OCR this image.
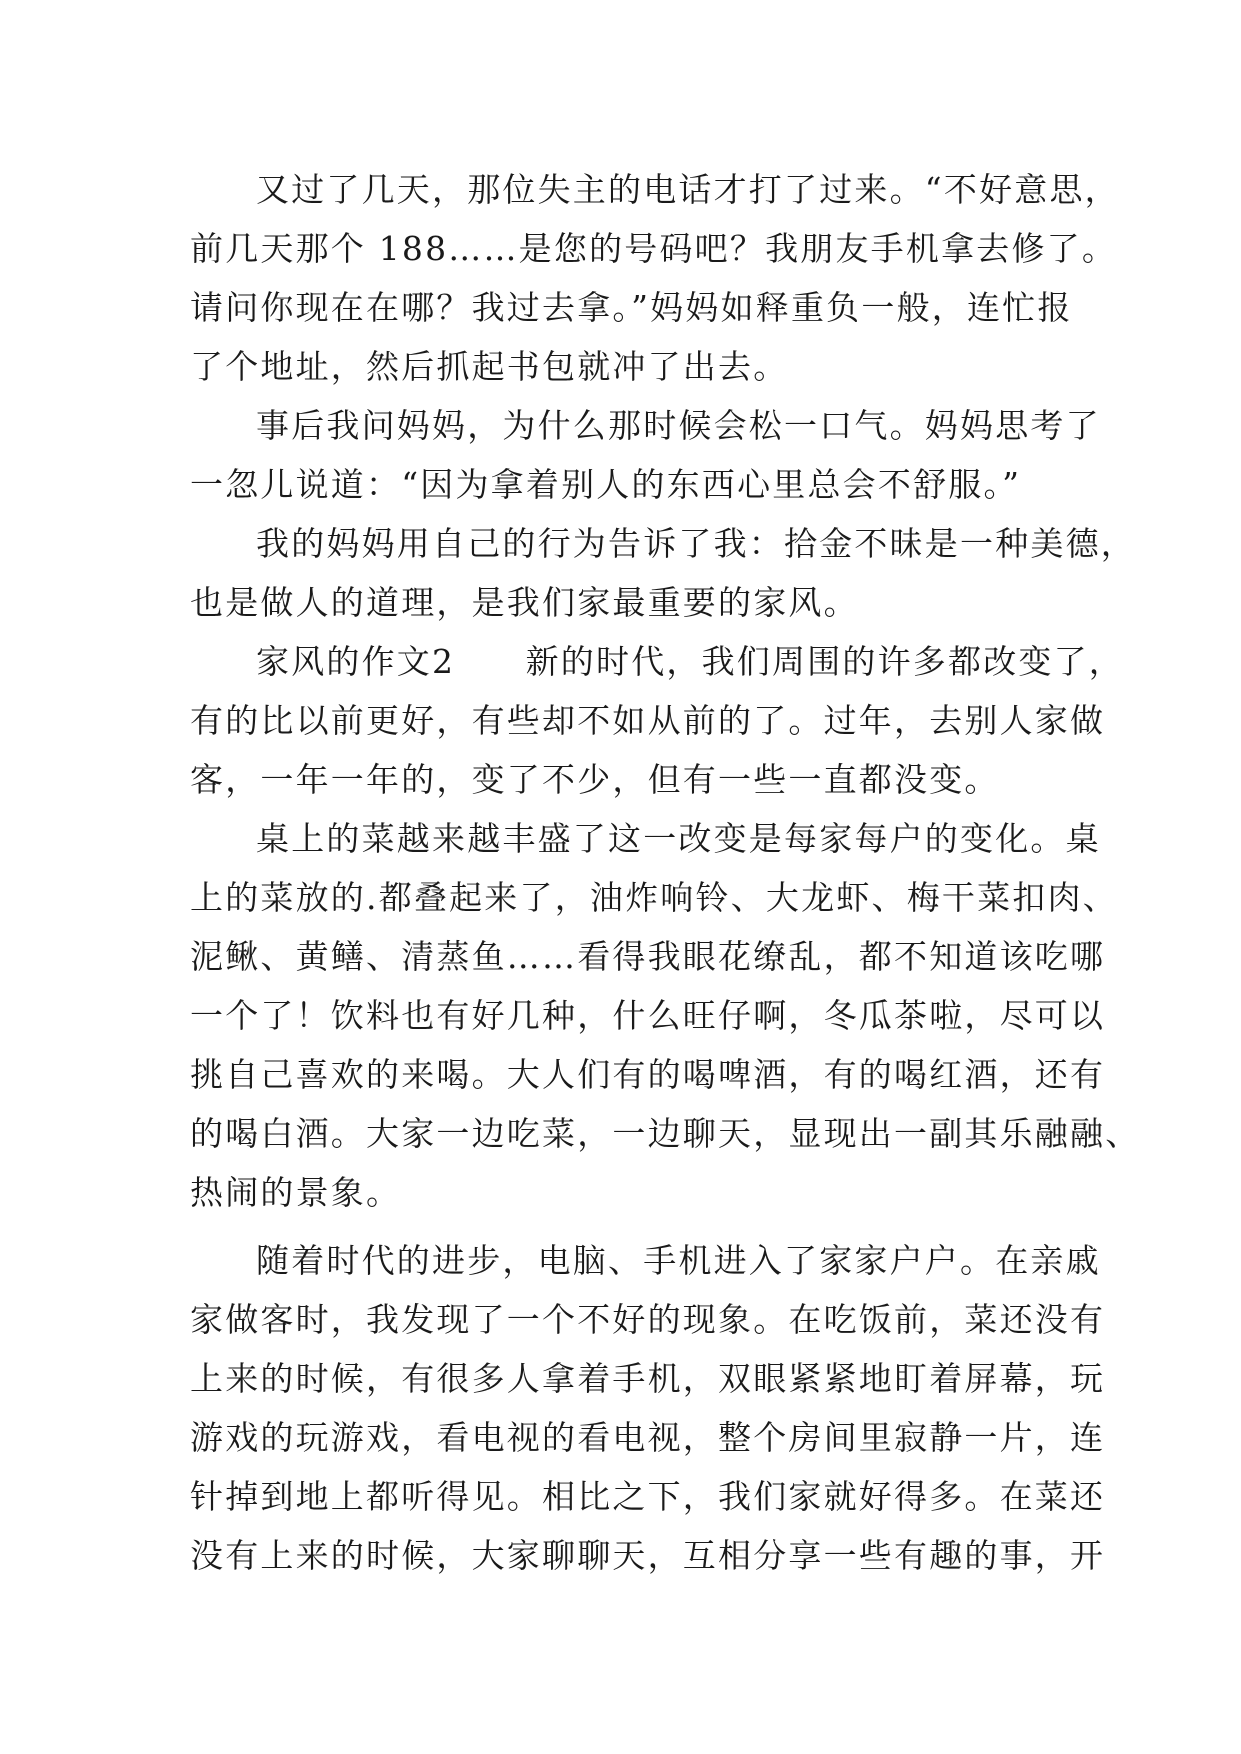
又过了几天，那位失主的电话才打了过来。“不好意思，
前几天那个 188……是您的号码吧？我朋友手机拿去修了。
请问你现在在哪？我过去拿。”妈妈如释重负一般，连忙报
了个地址，然后抓起书包就冲了出去。
事后我问妈妈，为什么那时候会松一口气。妈妈思考了
一忽儿说道：“因为拿着别人的东西心里总会不舒服。”
我的妈妈用自己的行为告诉了我：拾金不昧是一种美德，
也是做人的道理，是我们家最重要的家风。
家风的作文2　　新的时代，我们周围的许多都改变了，
有的比以前更好，有些却不如从前的了。过年，去别人家做
客，一年一年的，变了不少，但有一些一直都没变。
桌上的菜越来越丰盛了这一改变是每家每户的变化。桌
上的菜放的.都叠起来了，油炸响铃、大龙虾、梅干菜扣肉、
泥鳅、黄鳝、清蒸鱼……看得我眼花缭乱，都不知道该吃哪
一个了！饮料也有好几种，什么旺仔啊，冬瓜茶啦，尽可以
挑自己喜欢的来喝。大人们有的喝啤酒，有的喝红酒，还有
的喝白酒。大家一边吃菜，一边聊天，显现出一副其乐融融、
热闹的景象。
随着时代的进步，电脑、手机进入了家家户户。在亲戚
家做客时，我发现了一个不好的现象。在吃饭前，菜还没有
上来的时候，有很多人拿着手机，双眼紧紧地盯着屏幕，玩
游戏的玩游戏，看电视的看电视，整个房间里寂静一片，连
针掉到地上都听得见。相比之下，我们家就好得多。在菜还
没有上来的时候，大家聊聊天，互相分享一些有趣的事，开
